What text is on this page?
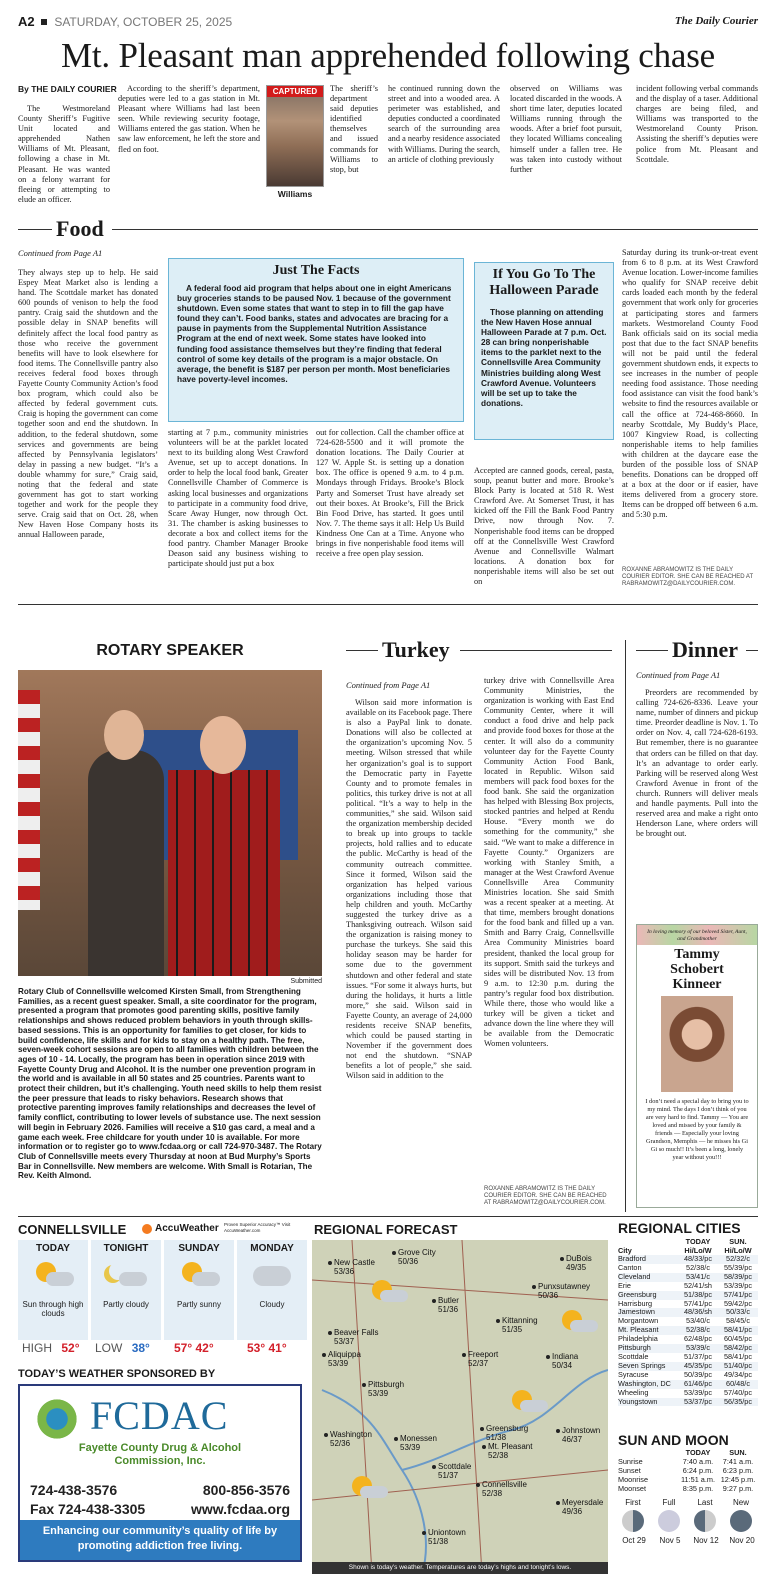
A2 SATURDAY, OCTOBER 25, 2025	The Daily Courier
Mt. Pleasant man apprehended following chase
By THE DAILY COURIER

The Westmoreland County Sheriff’s Fugitive Unit located and apprehended Nathen Williams of Mt. Pleasant, following a chase in Mt. Pleasant. He was wanted on a felony warrant for fleeing or attempting to elude an officer.

According to the sheriff’s department, deputies were led to a gas station in Mt. Pleasant where Williams had last been seen. While reviewing security footage, Williams entered the gas station. When he saw law enforcement, he left the store and fled on foot.

CAPTURED
Williams

The sheriff’s department said deputies identified themselves and issued commands for Williams to stop, but

he continued running down the street and into a wooded area. A perimeter was established, and deputies conducted a coordinated search of the surrounding area and a nearby residence associated with Williams. During the search, an article of clothing previously

observed on Williams was located discarded in the woods. A short time later, deputies located Williams running through the woods. After a brief foot pursuit, they located Williams concealing himself under a fallen tree. He was taken into custody without further

incident following verbal commands and the display of a taser. Additional charges are being filed, and Williams was transported to the Westmoreland County Prison. Assisting the sheriff’s deputies were police from Mt. Pleasant and Scottdale.

Food
Continued from Page A1

They always step up to help. He said Espey Meat Market also is lending a hand. The Scottdale market has donated 600 pounds of venison to help the food pantry. Craig said the shutdown and the possible delay in SNAP benefits will definitely affect the local food pantry as those who receive the government benefits will have to look elsewhere for food items. The Connellsville pantry also receives federal food boxes through Fayette County Community Action’s food box program, which could also be affected by federal government cuts. Craig is hoping the government can come together soon and end the shutdown. In addition, to the federal shutdown, some services and governments are being affected by Pennsylvania legislators’ delay in passing a new budget. “It’s a double whammy for sure,” Craig said, noting that the federal and state government has got to start working together and work for the people they serve. Craig said that on Oct. 28, when New Haven Hose Company hosts its annual Halloween parade,

Just The Facts
A federal food aid program that helps about one in eight Americans buy groceries stands to be paused Nov. 1 because of the government shutdown. Even some states that want to step in to fill the gap have found they can’t. Food banks, states and advocates are bracing for a pause in payments from the Supplemental Nutrition Assistance Program at the end of next week. Some states have looked into funding food assistance themselves but they’re finding that federal control of some key details of the program is a major obstacle. On average, the benefit is $187 per person per month. Most beneficiaries have poverty-level incomes.

starting at 7 p.m., community ministries volunteers will be at the parklet located next to its building along West Crawford Avenue, set up to accept donations. In order to help the local food bank, Greater Connellsville Chamber of Commerce is asking local businesses and organizations to participate in a community food drive, Scare Away Hunger, now through Oct. 31. The chamber is asking businesses to decorate a box and collect items for the food pantry. Chamber Manager Brooke Deason said any business wishing to participate should just put a box

out for collection. Call the chamber office at 724-628-5500 and it will promote the donation locations. The Daily Courier at 127 W. Apple St. is setting up a donation box. The office is opened 9 a.m. to 4 p.m. Mondays through Fridays. Brooke’s Block Party and Somerset Trust have already set out their boxes. At Brooke’s, Fill the Brick Bin Food Drive, has started. It goes until Nov. 7. The theme says it all: Help Us Build Kindness One Can at a Time. Anyone who brings in five nonperishable food items will receive a free open play session.

If You Go To The Halloween Parade
Those planning on attending the New Haven Hose annual Halloween Parade at 7 p.m. Oct. 28 can bring nonperishable items to the parklet next to the Connellsville Area Community Ministries building along West Crawford Avenue. Volunteers will be set up to take the donations.

Accepted are canned goods, cereal, pasta, soup, peanut butter and more. Brooke’s Block Party is located at 518 R. West Crawford Ave. At Somerset Trust, it has kicked off the Fill the Bank Food Pantry Drive, now through Nov. 7. Nonperishable food items can be dropped off at the Connellsville West Crawford Avenue and Connellsville Walmart locations. A donation box for nonperishable items will also be set out on

Saturday during its trunk-or-treat event from 6 to 8 p.m. at its West Crawford Avenue location. Lower-income families who qualify for SNAP receive debit cards loaded each month by the federal government that work only for groceries at participating stores and farmers markets. Westmoreland County Food Bank officials said on its social media post that due to the fact SNAP benefits will not be paid until the federal government shutdown ends, it expects to see increases in the number of people needing food assistance. Those needing food assistance can visit the food bank’s website to find the resources available or call the office at 724-468-8660. In nearby Scottdale, My Buddy’s Place, 1007 Kingview Road, is collecting nonperishable items to help families with children at the daycare ease the burden of the possible loss of SNAP benefits. Donations can be dropped off at a box at the door or if easier, have items delivered from a grocery store. Items can be dropped off between 6 a.m. and 5:30 p.m.

ROXANNE ABRAMOWITZ IS THE DAILY COURIER EDITOR. SHE CAN BE REACHED AT RABRAMOWITZ@DAILYCOURIER.COM.
ROTARY SPEAKER
Submitted
Rotary Club of Connellsville welcomed Kirsten Small, from Strengthening Families, as a recent guest speaker. Small, a site coordinator for the program, presented a program that promotes good parenting skills, positive family relationships and shows reduced problem behaviors in youth through skills-based sessions. This is an opportunity for families to get closer, for kids to build confidence, life skills and for kids to stay on a healthy path. The free, seven-week cohort sessions are open to all families with children between the ages of 10 - 14. Locally, the program has been in operation since 2019 with Fayette County Drug and Alcohol. It is the number one prevention program in the world and is available in all 50 states and 25 countries. Parents want to protect their children, but it’s challenging. Youth need skills to help them resist the peer pressure that leads to risky behaviors. Research shows that protective parenting improves family relationships and decreases the level of family conflict, contributing to lower levels of substance use. The next session will begin in February 2026. Families will receive a $10 gas card, a meal and a game each week. Free childcare for youth under 10 is available. For more information or to register go to www.fcdaa.org or call 724-970-3487. The Rotary Club of Connellsville meets every Thursday at noon at Bud Murphy’s Sports Bar in Connellsville. New members are welcome. With Small is Rotarian, The Rev. Keith Almond.
Turkey
Continued from Page A1

Wilson said more information is available on its Facebook page. There is also a PayPal link to donate. Donations will also be collected at the organization’s upcoming Nov. 5 meeting. Wilson stressed that while her organization’s goal is to support the Democratic party in Fayette County and to promote females in politics, this turkey drive is not at all political. “It’s a way to help in the communities,” she said. Wilson said the organization membership decided to break up into groups to tackle projects, hold rallies and to educate the public. McCarthy is head of the community outreach committee. Since it formed, Wilson said the organization has helped various organizations including those that help children and youth. McCarthy suggested the turkey drive as a Thanksgiving outreach. Wilson said the organization is raising money to purchase the turkeys. She said this holiday season may be harder for some due to the government shutdown and other federal and state issues. “For some it always hurts, but during the holidays, it hurts a little more,” she said. Wilson said in Fayette County, an average of 24,000 residents receive SNAP benefits, which could be paused starting in November if the government does not end the shutdown. “SNAP benefits a lot of people,” she said. Wilson said in addition to the

turkey drive with Connellsville Area Community Ministries, the organization is working with East End Community Center, where it will conduct a food drive and help pack and provide food boxes for those at the center. It will also do a community volunteer day for the Fayette County Community Action Food Bank, located in Republic. Wilson said members will pack food boxes for the food bank. She said the organization has helped with Blessing Box projects, stocked pantries and helped at Rendu House. “Every month we do something for the community,” she said. “We want to make a difference in Fayette County.” Organizers are working with Stanley Smith, a manager at the West Crawford Avenue Connellsville Area Community Ministries location. She said Smith was a recent speaker at a meeting. At that time, members brought donations for the food bank and filled up a van. Smith and Barry Craig, Connellsville Area Community Ministries board president, thanked the local group for its support. Smith said the turkeys and sides will be distributed Nov. 13 from 9 a.m. to 12:30 p.m. during the pantry’s regular food box distribution. While there, those who would like a turkey will be given a ticket and advance down the line where they will be available from the Democratic Women volunteers.

ROXANNE ABRAMOWITZ IS THE DAILY COURIER EDITOR. SHE CAN BE REACHED AT RABRAMOWITZ@DAILYCOURIER.COM.
Dinner
Continued from Page A1

Preorders are recommended by calling 724-626-8336. Leave your name, number of dinners and pickup time. Preorder deadline is Nov. 1. To order on Nov. 4, call 724-628-6193. But remember, there is no guarantee that orders can be filled on that day. It’s an advantage to order early. Parking will be reserved along West Crawford Avenue in front of the church. Runners will deliver meals and handle payments. Pull into the reserved area and make a right onto Henderson Lane, where orders will be brought out.

In loving memory of our beloved Sister, Aunt, and Grandmother
Tammy
Schobert
Kinneer
I don’t need a special day to bring you to my mind. The days I don’t think of you are very hard to find. Tammy — You are loved and missed by your family & friends — Especially your loving Grandson, Memphis — he misses his Gi Gi so much!! It’s been a long, lonely year without you!!!
CONNELLSVILLE	AccuWeather Proven Superior Accuracy™ Visit AccuWeather.com
TODAY
Sun through high clouds
TONIGHT
Partly cloudy
SUNDAY
Partly sunny
MONDAY
Cloudy
HIGH 52° LOW 38° 57° 42°	53° 41°
TODAY’S WEATHER SPONSORED BY
FCDAC
Fayette County Drug & Alcohol
Commission, Inc.
724-438-3576	800-856-3576
Fax 724-438-3305	www.fcdaa.org
Enhancing our community’s quality of life by promoting addiction free living.
REGIONAL FORECAST
Grove City
50/36
New Castle
53/36
DuBois
49/35
Punxsutawney
50/36
Butler
51/36
Kittanning
51/35
Beaver Falls
53/37
Aliquippa
53/39
Freeport
52/37
Indiana
50/34
Pittsburgh
53/39
Greensburg
51/38
Johnstown
46/37
Washington
52/36
Monessen
53/39	Mt. Pleasant
52/38
Scottdale
51/37
Connellsville
52/38
Meyersdale
49/36
Uniontown
51/38
Shown is today’s weather. Temperatures are today’s highs and tonight’s lows.
REGIONAL CITIES
City
TODAY Hi/Lo/W
SUN. Hi/Lo/W
Bradford	48/33/pc	52/32/c
Canton	52/38/c	55/39/pc
Cleveland	53/41/c	58/39/pc
Erie	52/41/sh	53/39/pc
Greensburg	51/38/pc	57/41/pc
Harrisburg	57/41/pc	59/42/pc
Jamestown	48/36/sh	50/33/c
Morgantown	53/40/c	58/45/c
Mt. Pleasant	52/38/c	58/41/pc
Philadelphia	62/48/pc	60/45/pc
Pittsburgh	53/39/c	58/42/pc
Scottdale	51/37/pc	58/41/pc
Seven Springs	45/35/pc	51/40/pc
Syracuse	50/39/pc	49/34/pc
Washington, DC	61/46/pc	60/48/c
Wheeling	53/39/pc	57/40/pc
Youngstown	53/37/pc	56/35/pc
SUN AND MOON
TODAY	SUN.
Sunrise	7:40 a.m.	7:41 a.m.
Sunset	6:24 p.m.	6:23 p.m.
Moonrise	11:51 a.m. 12:45 p.m.
Moonset	8:35 p.m.	9:27 p.m.
First
Oct 29
Full
Nov 5
Last
Nov 12
New
Nov 20
